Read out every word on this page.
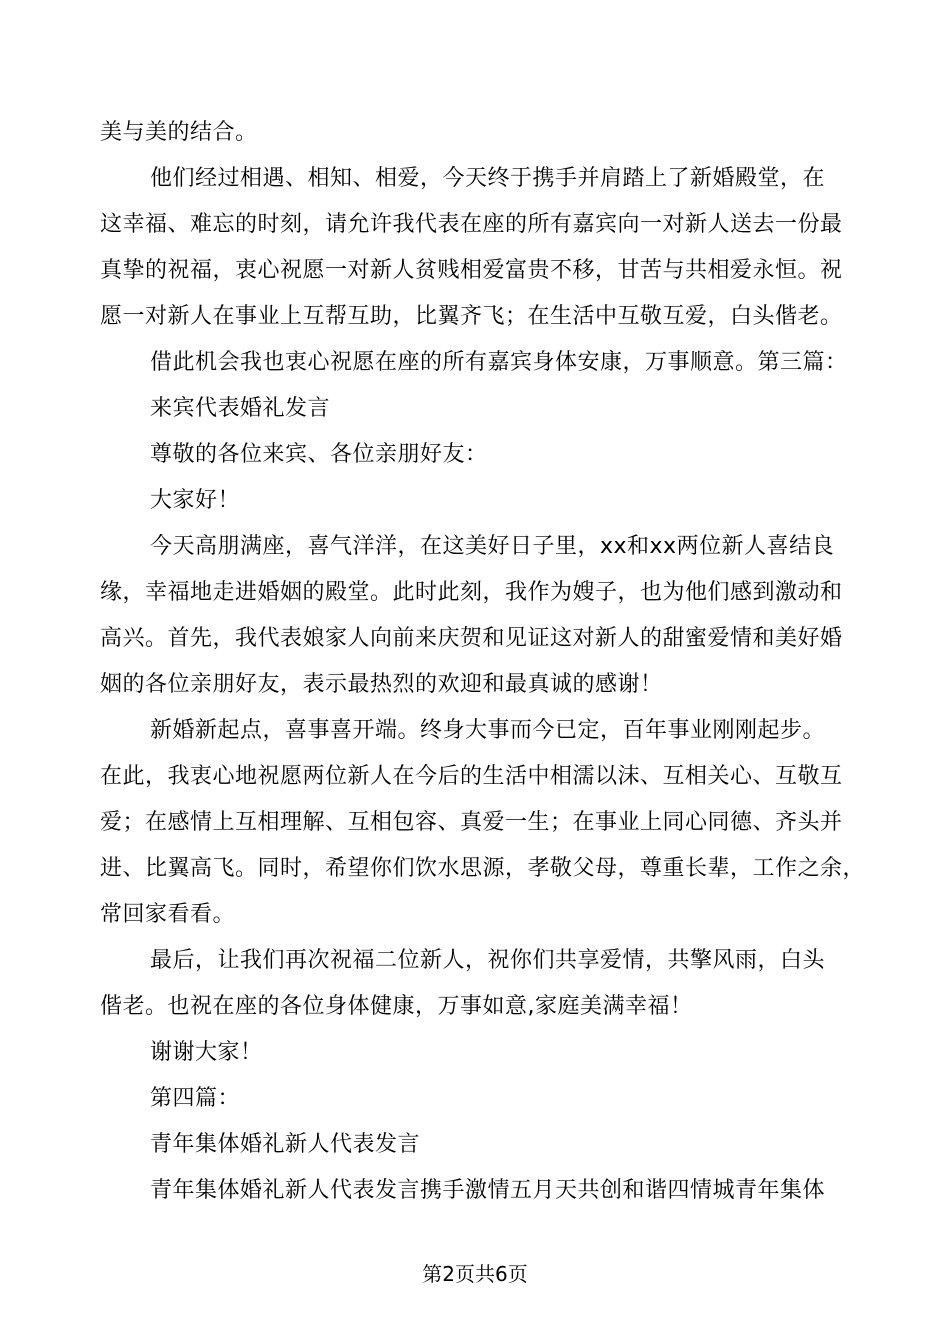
美与美的结合。
他们经过相遇、相知、相爱，今天终于携手并肩踏上了新婚殿堂，在
这幸福、难忘的时刻，请允许我代表在座的所有嘉宾向一对新人送去一份最
真挚的祝福，衷心祝愿一对新人贫贱相爱富贵不移，甘苦与共相爱永恒。祝
愿一对新人在事业上互帮互助，比翼齐飞；在生活中互敬互爱，白头偕老。
借此机会我也衷心祝愿在座的所有嘉宾身体安康，万事顺意。第三篇：
来宾代表婚礼发言
尊敬的各位来宾、各位亲朋好友：
大家好！
今天高朋满座，喜气洋洋，在这美好日子里，xx和xx两位新人喜结良
缘，幸福地走进婚姻的殿堂。此时此刻，我作为嫂子，也为他们感到激动和
高兴。首先，我代表娘家人向前来庆贺和见证这对新人的甜蜜爱情和美好婚
姻的各位亲朋好友，表示最热烈的欢迎和最真诚的感谢！
新婚新起点，喜事喜开端。终身大事而今已定，百年事业刚刚起步。
在此，我衷心地祝愿两位新人在今后的生活中相濡以沫、互相关心、互敬互
爱；在感情上互相理解、互相包容、真爱一生；在事业上同心同德、齐头并
进、比翼高飞。同时，希望你们饮水思源，孝敬父母，尊重长辈，工作之余，
常回家看看。
最后，让我们再次祝福二位新人，祝你们共享爱情，共擎风雨，白头
偕老。也祝在座的各位身体健康，万事如意,家庭美满幸福！
谢谢大家！
第四篇：
青年集体婚礼新人代表发言
青年集体婚礼新人代表发言携手激情五月天共创和谐四情城青年集体
第2页共6页
